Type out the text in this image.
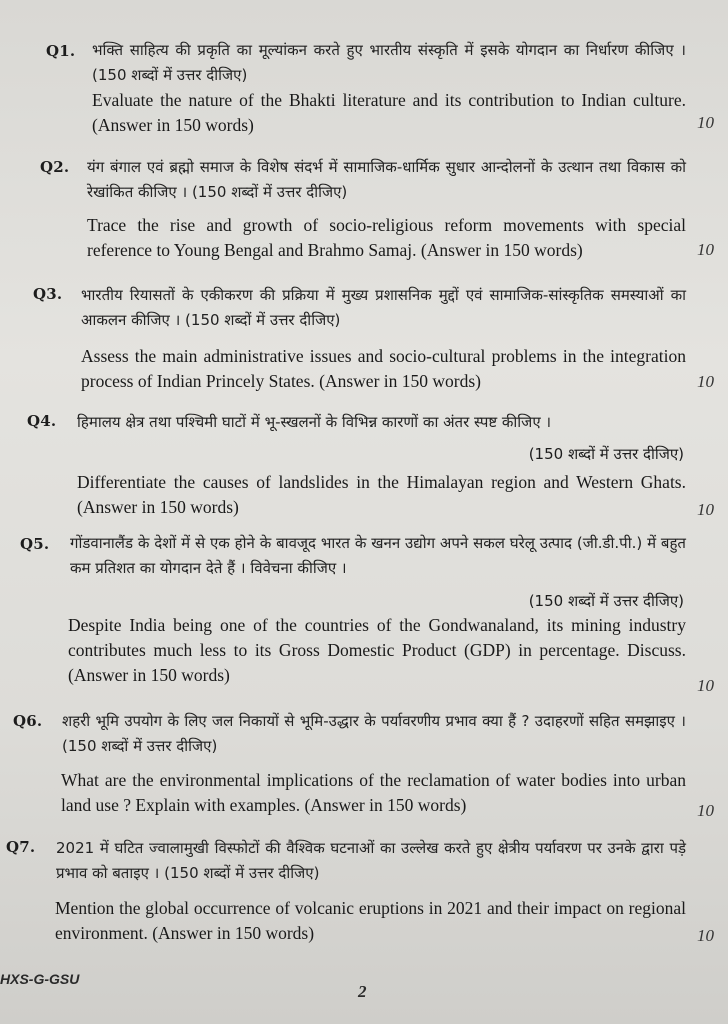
Q1. भक्ति साहित्य की प्रकृति का मूल्यांकन करते हुए भारतीय संस्कृति में इसके योगदान का निर्धारण कीजिए । (150 शब्दों में उत्तर दीजिए)
Evaluate the nature of the Bhakti literature and its contribution to Indian culture. (Answer in 150 words)	10
Q2. यंग बंगाल एवं ब्रह्मो समाज के विशेष संदर्भ में सामाजिक-धार्मिक सुधार आन्दोलनों के उत्थान तथा विकास को रेखांकित कीजिए । (150 शब्दों में उत्तर दीजिए)
Trace the rise and growth of socio-religious reform movements with special reference to Young Bengal and Brahmo Samaj. (Answer in 150 words)	10
Q3. भारतीय रियासतों के एकीकरण की प्रक्रिया में मुख्य प्रशासनिक मुद्दों एवं सामाजिक-सांस्कृतिक समस्याओं का आकलन कीजिए । (150 शब्दों में उत्तर दीजिए)
Assess the main administrative issues and socio-cultural problems in the integration process of Indian Princely States. (Answer in 150 words)	10
Q4. हिमालय क्षेत्र तथा पश्चिमी घाटों में भू-स्खलनों के विभिन्न कारणों का अंतर स्पष्ट कीजिए ।
(150 शब्दों में उत्तर दीजिए)
Differentiate the causes of landslides in the Himalayan region and Western Ghats. (Answer in 150 words)	10
Q5. गोंडवानालैंड के देशों में से एक होने के बावजूद भारत के खनन उद्योग अपने सकल घरेलू उत्पाद (जी.डी.पी.) में बहुत कम प्रतिशत का योगदान देते हैं । विवेचना कीजिए ।
(150 शब्दों में उत्तर दीजिए)
Despite India being one of the countries of the Gondwanaland, its mining industry contributes much less to its Gross Domestic Product (GDP) in percentage. Discuss. (Answer in 150 words)
10
Q6. शहरी भूमि उपयोग के लिए जल निकायों से भूमि-उद्धार के पर्यावरणीय प्रभाव क्या हैं ? उदाहरणों सहित समझाइए । (150 शब्दों में उत्तर दीजिए)
What are the environmental implications of the reclamation of water bodies into urban land use ? Explain with examples. (Answer in 150 words)	10
Q7. 2021 में घटित ज्वालामुखी विस्फोटों की वैश्विक घटनाओं का उल्लेख करते हुए क्षेत्रीय पर्यावरण पर उनके द्वारा पड़े प्रभाव को बताइए । (150 शब्दों में उत्तर दीजिए)
Mention the global occurrence of volcanic eruptions in 2021 and their impact on regional environment. (Answer in 150 words)	10
HXS-G-GSU
2
